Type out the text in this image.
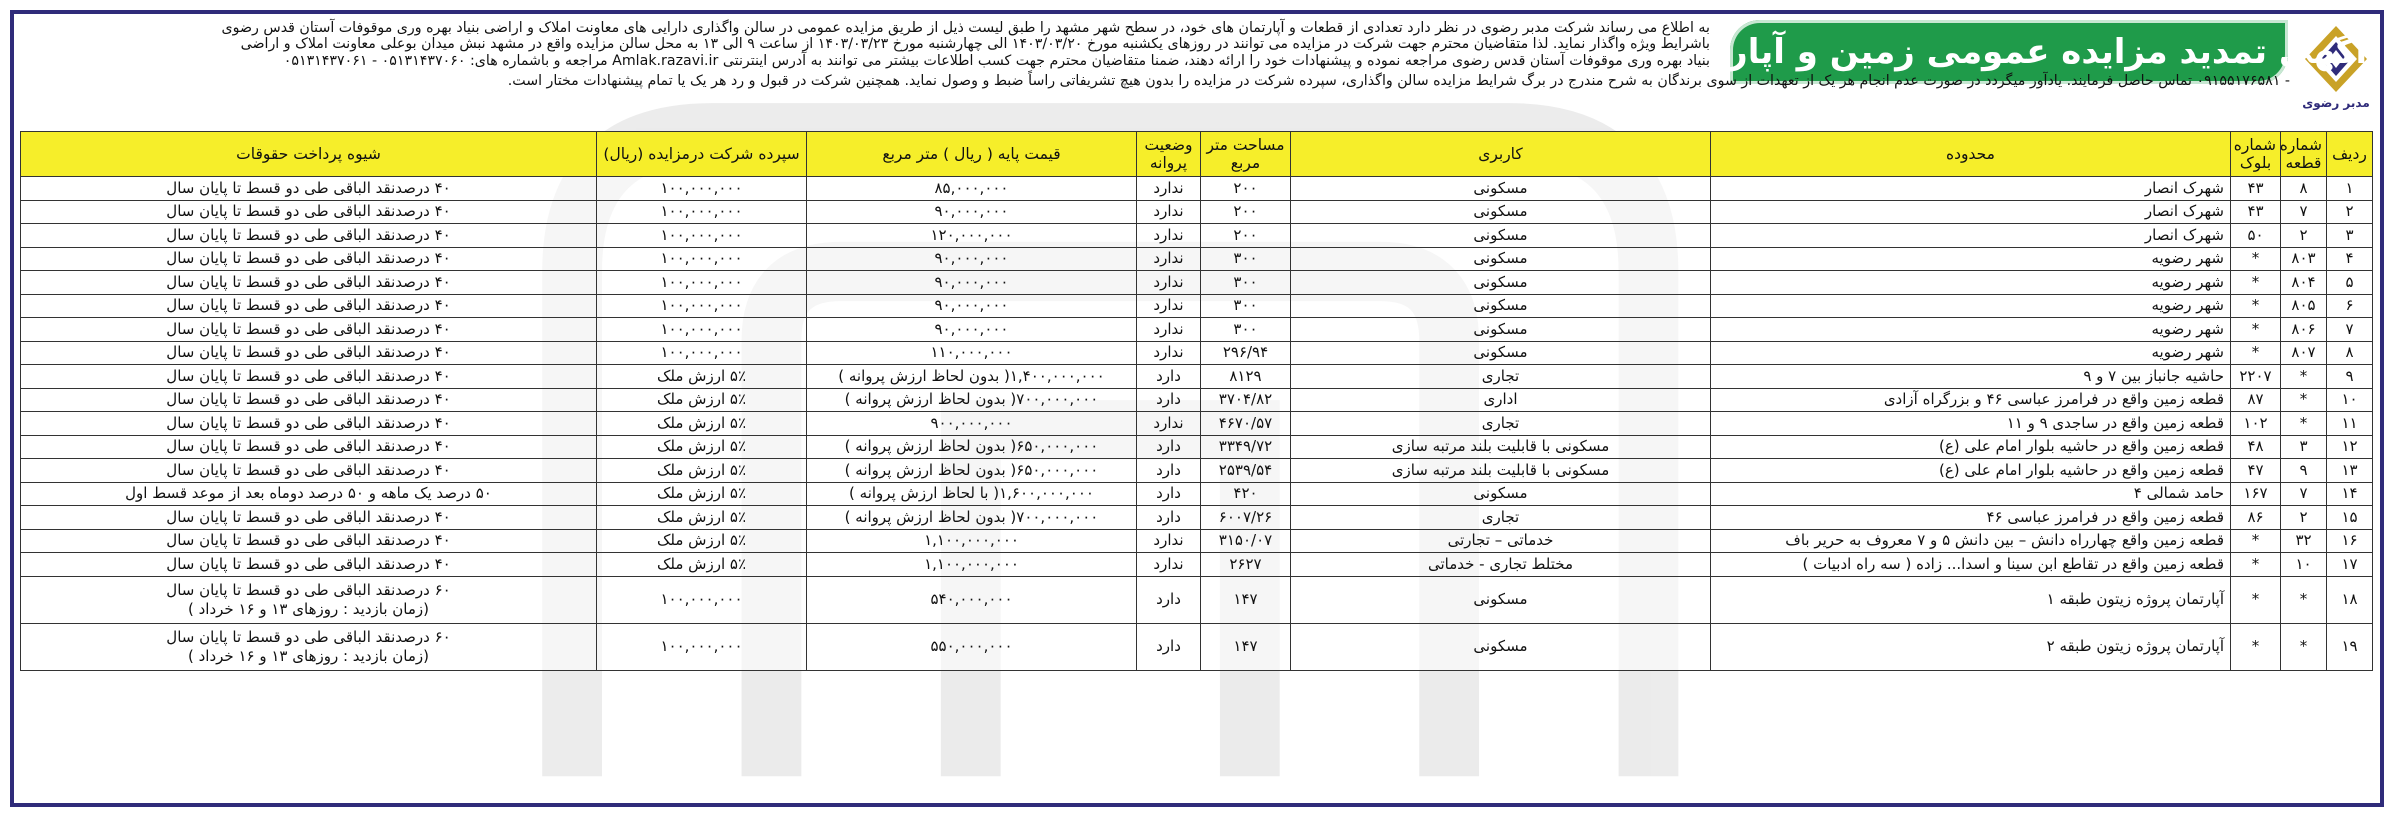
مدبر رضوی
آگهی تمدید مزایده عمومی زمین و آپارتمان

به اطلاع می رساند شرکت مدبر رضوی در نظر دارد تعدادی از قطعات و آپارتمان های خود، در سطح شهر مشهد را طبق لیست ذیل از طریق مزایده عمومی در سالن واگذاری دارایی های معاونت املاک و اراضی بنیاد بهره وری موقوفات آستان قدس رضوی

باشرایط ویژه واگذار نماید. لذا متقاضیان محترم جهت شرکت در مزایده می توانند در روزهای یکشنبه مورخ ۱۴۰۳/۰۳/۲۰ الی چهارشنبه مورخ ۱۴۰۳/۰۳/۲۳ از ساعت ۹ الی ۱۳ به محل سالن مزایده واقع در مشهد نبش میدان بوعلی معاونت املاک و اراضی

بنیاد بهره وری موقوفات آستان قدس رضوی مراجعه نموده و پیشنهادات خود را ارائه دهند، ضمنا متقاضیان محترم جهت کسب اطلاعات بیشتر می توانند به آدرس اینترنتی Amlak.razavi.ir مراجعه و باشماره های: ۰۵۱۳۱۴۳۷۰۶۰ - ۰۵۱۳۱۴۳۷۰۶۱

- ۰۹۱۵۵۱۷۶۵۸۱ تماس حاصل فرمایند. یادآور میگردد در صورت عدم انجام هر یک از تعهدات از سوی برندگان به شرح مندرج در برگ شرایط مزایده سالن واگذاری، سپرده شرکت در مزایده را بدون هیچ تشریفاتی راساً ضبط و وصول نماید. همچنین شرکت در قبول و رد هر یک یا تمام پیشنهادات مختار است.

ردیف	شماره قطعه	شماره بلوک	محدوده	کاربری	مساحت متر مربع	وضعیت پروانه	قیمت پایه ( ریال ) متر مربع	سپرده شرکت درمزایده (ریال)	شیوه پرداخت حقوقات
۱	۸	۴۳	شهرک انصار	مسکونی	۲۰۰	ندارد	۸۵,۰۰۰,۰۰۰	۱۰۰,۰۰۰,۰۰۰	۴۰ درصدنقد الباقی طی دو قسط تا پایان سال
۲	۷	۴۳	شهرک انصار	مسکونی	۲۰۰	ندارد	۹۰,۰۰۰,۰۰۰	۱۰۰,۰۰۰,۰۰۰	۴۰ درصدنقد الباقی طی دو قسط تا پایان سال
۳	۲	۵۰	شهرک انصار	مسکونی	۲۰۰	ندارد	۱۲۰,۰۰۰,۰۰۰	۱۰۰,۰۰۰,۰۰۰	۴۰ درصدنقد الباقی طی دو قسط تا پایان سال
۴	۸۰۳	*	شهر رضویه	مسکونی	۳۰۰	ندارد	۹۰,۰۰۰,۰۰۰	۱۰۰,۰۰۰,۰۰۰	۴۰ درصدنقد الباقی طی دو قسط تا پایان سال
۵	۸۰۴	*	شهر رضویه	مسکونی	۳۰۰	ندارد	۹۰,۰۰۰,۰۰۰	۱۰۰,۰۰۰,۰۰۰	۴۰ درصدنقد الباقی طی دو قسط تا پایان سال
۶	۸۰۵	*	شهر رضویه	مسکونی	۳۰۰	ندارد	۹۰,۰۰۰,۰۰۰	۱۰۰,۰۰۰,۰۰۰	۴۰ درصدنقد الباقی طی دو قسط تا پایان سال
۷	۸۰۶	*	شهر رضویه	مسکونی	۳۰۰	ندارد	۹۰,۰۰۰,۰۰۰	۱۰۰,۰۰۰,۰۰۰	۴۰ درصدنقد الباقی طی دو قسط تا پایان سال
۸	۸۰۷	*	شهر رضویه	مسکونی	۲۹۶/۹۴	ندارد	۱۱۰,۰۰۰,۰۰۰	۱۰۰,۰۰۰,۰۰۰	۴۰ درصدنقد الباقی طی دو قسط تا پایان سال
۹	*	۲۲۰۷	حاشیه جانباز بین ۷ و ۹	تجاری	۸۱۲۹	دارد	۱,۴۰۰,۰۰۰,۰۰۰( بدون لحاظ ارزش پروانه )	۵٪ ارزش ملک	۴۰ درصدنقد الباقی طی دو قسط تا پایان سال
۱۰	*	۸۷	قطعه زمین واقع در فرامرز عباسی ۴۶ و بزرگراه آزادی	اداری	۳۷۰۴/۸۲	دارد	۷۰۰,۰۰۰,۰۰۰( بدون لحاظ ارزش پروانه )	۵٪ ارزش ملک	۴۰ درصدنقد الباقی طی دو قسط تا پایان سال
۱۱	*	۱۰۲	قطعه زمین واقع در ساجدی ۹ و ۱۱	تجاری	۴۶۷۰/۵۷	ندارد	۹۰۰,۰۰۰,۰۰۰	۵٪ ارزش ملک	۴۰ درصدنقد الباقی طی دو قسط تا پایان سال
۱۲	۳	۴۸	قطعه زمین واقع در حاشیه بلوار امام علی (ع)	مسکونی با قابلیت بلند مرتبه سازی	۳۳۴۹/۷۲	دارد	۶۵۰,۰۰۰,۰۰۰( بدون لحاظ ارزش پروانه )	۵٪ ارزش ملک	۴۰ درصدنقد الباقی طی دو قسط تا پایان سال
۱۳	۹	۴۷	قطعه زمین واقع در حاشیه بلوار امام علی (ع)	مسکونی با قابلیت بلند مرتبه سازی	۲۵۳۹/۵۴	دارد	۶۵۰,۰۰۰,۰۰۰( بدون لحاظ ارزش پروانه )	۵٪ ارزش ملک	۴۰ درصدنقد الباقی طی دو قسط تا پایان سال
۱۴	۷	۱۶۷	حامد شمالی ۴	مسکونی	۴۲۰	دارد	۱,۶۰۰,۰۰۰,۰۰۰( با لحاظ ارزش پروانه )	۵٪ ارزش ملک	۵۰ درصد یک ماهه و ۵۰ درصد دوماه بعد از موعد قسط اول
۱۵	۲	۸۶	قطعه زمین واقع در فرامرز عباسی ۴۶	تجاری	۶۰۰۷/۲۶	دارد	۷۰۰,۰۰۰,۰۰۰( بدون لحاظ ارزش پروانه )	۵٪ ارزش ملک	۴۰ درصدنقد الباقی طی دو قسط تا پایان سال
۱۶	۳۲	*	قطعه زمین واقع چهارراه دانش – بین دانش ۵ و ۷ معروف به حریر باف	خدماتی – تجارتی	۳۱۵۰/۰۷	ندارد	۱,۱۰۰,۰۰۰,۰۰۰	۵٪ ارزش ملک	۴۰ درصدنقد الباقی طی دو قسط تا پایان سال
۱۷	۱۰	*	قطعه زمین واقع در تقاطع ابن سینا و اسدا... زاده ( سه راه ادبیات )	مختلط تجاری - خدماتی	۲۶۲۷	ندارد	۱,۱۰۰,۰۰۰,۰۰۰	۵٪ ارزش ملک	۴۰ درصدنقد الباقی طی دو قسط تا پایان سال
۱۸	*	*	آپارتمان پروژه زیتون طبقه ۱	مسکونی	۱۴۷	دارد	۵۴۰,۰۰۰,۰۰۰	۱۰۰,۰۰۰,۰۰۰	۶۰ درصدنقد الباقی طی دو قسط تا پایان سال
(زمان بازدید : روزهای ۱۳ و ۱۶ خرداد )

۱۹	*	*	آپارتمان پروژه زیتون طبقه ۲	مسکونی	۱۴۷	دارد	۵۵۰,۰۰۰,۰۰۰	۱۰۰,۰۰۰,۰۰۰	۶۰ درصدنقد الباقی طی دو قسط تا پایان سال
(زمان بازدید : روزهای ۱۳ و ۱۶ خرداد )
